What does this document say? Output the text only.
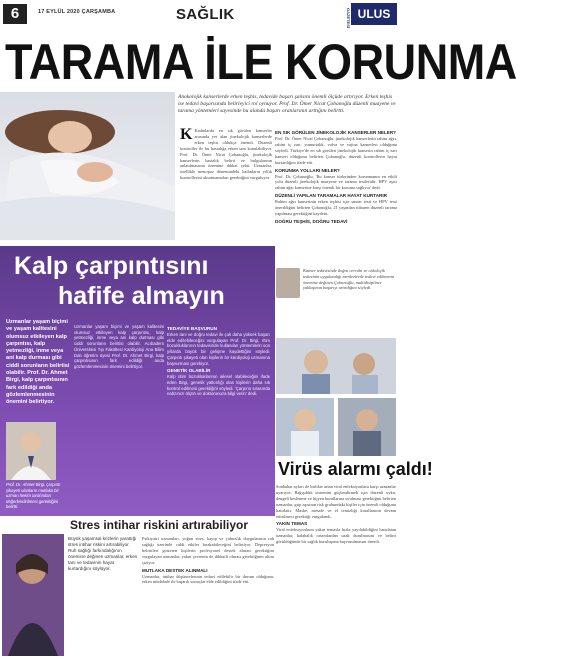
6	17 EYLÜL 2020 ÇARŞAMBA	SAĞLIK	GAZETESİ ULUS
TARAMA İLE KORUNMA
Anokolojik kanserlerde erken teşhis, tedavide başarı şansını önemli ölçüde artırıyor. Erken teşhis ise tedavi başarısında belirleyici rol oynuyor. Prof. Dr. Ömer Nicat Çobanoğlu düzenli muayene ve tarama yöntemleri sayesinde bu alanda başarı oranlarının arttığını belirtti.
K Kadınlarda en sık görülen kanserler arasında yer alan jinekolojik kanserlerde erken teşhis oldukça önemli. Düzenli kontroller ile bu hastalığa erken tanı konulabiliyor. Prof. Dr. Ömer Nicat Çobanoğlu, jinekolojik kanserlerin hastalık belirti ve bulgularının anlatılmasının önemine dikkat çekti. Uzmanlar, özellikle menopoz dönemindeki kadınların yıllık kontrollerini aksatmamaları gerektiğini vurguluyor.
EN SIK GÖRÜLEN JİNEKOLOJİK KANSERLER NELER?
Prof. Dr. Ömer Nicat Çobanoğlu, jinekolojik kanserlerin rahim ağzı, rahim iç zarı, yumurtalık, vulva ve vajina kanserleri olduğunu söyledi. Türkiye'de en sık görülen jinekolojik kanserin rahim iç zarı kanseri olduğunu belirten Çobanoğlu, düzenli kontrollerin hayat kurtardığını ifade etti.
KORUNMA YOLLARI NELER?
Prof. Dr. Çobanoğlu, 'Bu kanser türlerinden korunmanın en etkili yolu düzenli jinekolojik muayene ve tarama testleridir. HPV aşısı rahim ağzı kanserine karşı önemli bir koruma sağlıyor' dedi.
DÜZENLİ YAPILAN TARAMALAR HAYAT KURTARIR
Rahim ağzı kanserinin erken teşhisi için smear testi ve HPV testi önerildiğini belirten Çobanoğlu, 21 yaşından itibaren düzenli tarama yapılması gerektiğini kaydetti.
DOĞRU TEŞHİS, DOĞRU TEDAVİ
Kanser tedavisinde doğru cerrahi ve onkolojik tedavinin uygulandığı merkezlerde tedavi edilmenin önemine değinen Çobanoğlu, multidisipliner yaklaşımın başarıyı artırdığını söyledi.
Kalp çarpıntısını
hafife almayın
Uzmanlar yaşam biçimi ve yaşam kalitesini olumsuz etkileyen kalp çarpıntısı, kalp yetmezliği, inme veya ani kalp durması gibi ciddi sorunların belirtisi olabilir. Prof. Dr. Ahmet Birgi, kalp çarpıntısının fark edildiği anda gözlemlenmesinin önemini belirtiyor.
Uzmanlar yaşam biçimi ve yaşam kalitesini olumsuz etkileyen kalp çarpıntısı, kalp yetmezliği, inme veya ani kalp durması gibi ciddi sorunların belirtisi olabilir. Acıbadem Üniversitesi Tıp Fakültesi Kardiyoloji Ana Bilim Dalı öğretim üyesi Prof. Dr. Ahmet Birgi, kalp çarpıntısının fark edildiği anda gözlemlenmesinin önemini belirtiyor.
TEDAVİYE BAŞVURUN
Erken tanı ve doğru tedavi ile çok daha yüksek başarı elde edilebileceğini vurgulayan Prof. Dr. Birgi, ritim bozukluklarının tedavisinde kullanılan yöntemlerin son yıllarda büyük bir gelişme kaydettiğini söyledi. Çarpıntı şikayeti olan kişilerin bir kardiyoloji uzmanına başvurması gerekiyor.
GENETİK OLABİLİR
Kalp ritim bozukluklarının ailesel olabileceğini ifade eden Birgi, genetik yatkınlığı olan kişilerin daha sık kontrol edilmesi gerektiğini söyledi. 'Çarpıntı sırasında nabzınızı ölçün ve doktorunuza bilgi verin' dedi.
Prof. Dr. Ahmet Birgi, çarpıntı şikayeti olanların mutlaka bir uzman hekim tarafından değerlendirilmesi gerektiğini belirtti.
Virüs alarmı çaldı!
Sonbahar ayları ile birlikte artan viral enfeksiyonlara karşı uzmanlar uyarıyor. Bağışıklık sistemini güçlendirmek için düzenli uyku, dengeli beslenme ve hijyen kurallarına uyulması gerektiğini belirten uzmanlar, grip aşısının risk grubundaki kişiler için önemli olduğunu hatırlattı. Maske, mesafe ve el temizliği kurallarının devam ettirilmesi gerektiği vurgulandı.
YAKIN TEMAS
Viral enfeksiyonların yakın temasla hızla yayılabildiğini hatırlatan uzmanlar, kalabalık ortamlardan uzak durulmasını ve belirti görüldüğünde bir sağlık kuruluşuna başvurulmasını önerdi.
Stres intihar riskini artırabiliyor
Büyük yaşamsal krizlerin yarattığı stres intihar riskini artırabiliyor. Ruh sağlığı farkındalığının önemine değinen uzmanlar, erken tanı ve tedavinin hayat kurtardığını söylüyor.
Psikiyatri uzmanları, yoğun stres, kayıp ve yalnızlık duygularının ruh sağlığı üzerinde ciddi etkiler bırakabileceğini belirtiyor. Depresyon belirtileri gösteren kişilerin profesyonel destek alması gerektiğini vurgulayan uzmanlar, yakın çevrenin de dikkatli olması gerektiğinin altını çiziyor.
MUTLAKA DESTEK ALINMALI
Uzmanlar, intihar düşüncelerinin tedavi edilebilir bir durum olduğunu, erken müdahale ile başarılı sonuçlar elde edildiğini ifade etti.
